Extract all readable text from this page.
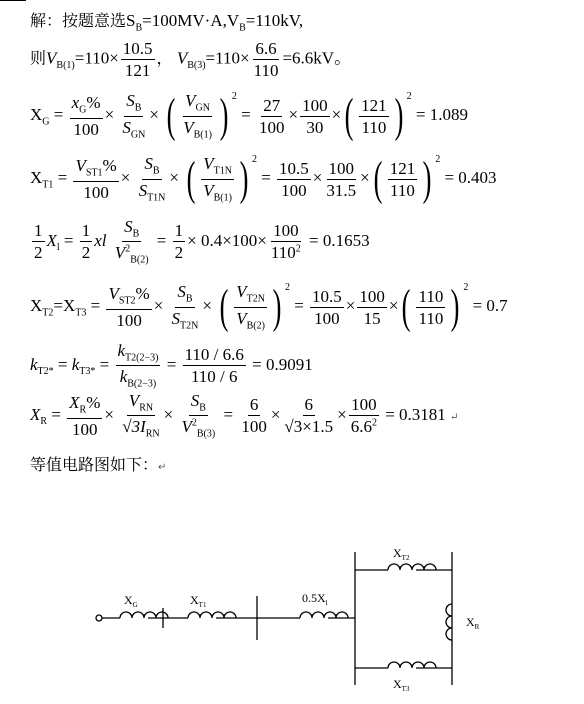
解：按题意选$S_B=100MV\cdot A,V_B=110kV$,
则$V_{B(1)}=110\times \frac{10.5}{121}$ ， $V_{B(3)}=110\times \frac{6.6}{110} =6.6kV$。
$X_G = \frac{x_G\%}{100} \times \frac{S_B}{S_{GN}}$ × ( $\frac{V_{GN}}{V_{B(1)}}$ ) $^2$
= $\frac{27}{100} \times \frac{100}{30}$ × ( $\frac{121}{110}$ ) $^2$
= 1.089
$X_{T1} = \frac{V_{ST1}\%}{100} \times \frac{S_B}{S_{T1N}}$ × ( $\frac{V_{T1N}}{V_{B(1)}}$ ) $^2$
= $\frac{10.5}{100} \times \frac{100}{31.5}$ × ( $\frac{121}{110}$ ) $^2$
= 0.403
$\frac{1}{2} X_l = \frac{1}{2}$ xl $\frac{S_B}{V^2_{B(2)}} = \frac{1}{2} \times 0.4\times 100\times \frac{100}{110^2} = 0.1653$
$X_{T2}=X_{T3} = \frac{V_{ST2}\%}{100} \times \frac{S_B}{S_{T2N}}$ × ( $\frac{V_{T2N}}{V_{B(2)}}$ ) $^2$
= $\frac{10.5}{100} \times \frac{100}{15}$ × ( $\frac{110}{110}$ ) $^2$
= 0.7
$k_{T2*} = k_{T3*} = \frac{k_{T2(2-3)}}{k_{B(2-3)}} = \frac{110 / 6.6}{110 / 6} = 0.9091$
$X_R = \frac{X_R\%}{100} \times \frac{V_{RN}}{√3I_{RN}} \times \frac{S_B}{V^2_{B(3)}} = \frac{6}{100} \times \frac{6}{√3\times 1.5} \times \frac{100}{6.6^2} = 0.3181$ ↵
等值电路图如下：↵
$X_G$	$X_{T1}$	$0.5X_l$
$X_{T2}$
$X_{T3}$
$X_R$
